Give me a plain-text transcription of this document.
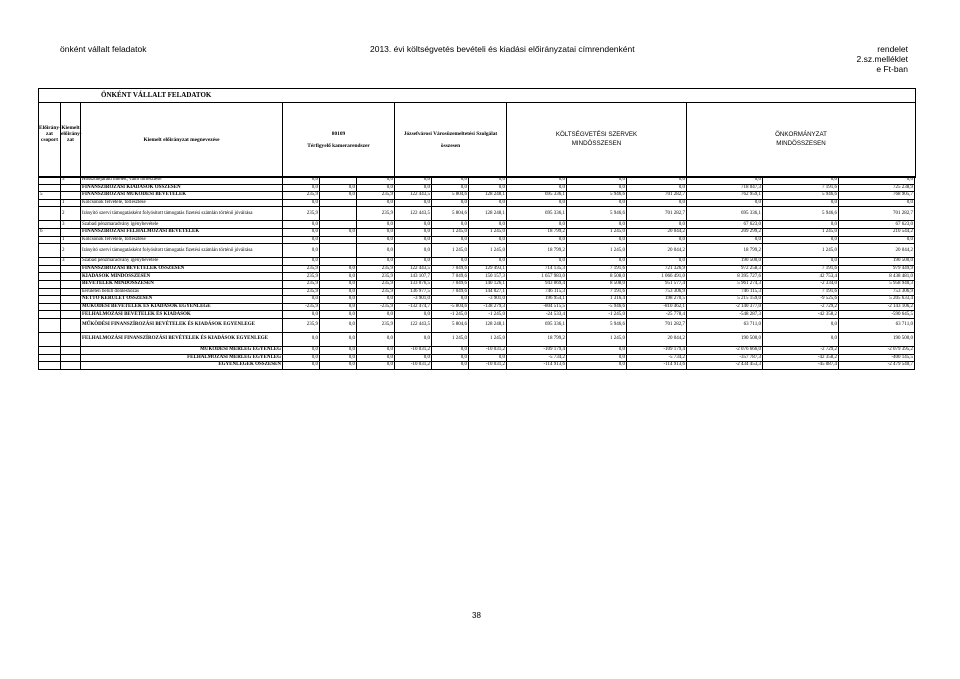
önként vállalt feladatok	2013. évi költségvetés bevételi és kiadási előirányzatai címrendenként	rendelet
2.sz.melléklet
e Ft-ban
ÖNKÉNT VÁLLALT FELADATOK
Előirány-zat csoport
Kiemelt előirány-zat	Kiemelt előirányzat megnevezése
80109
Térfigyelő kamerarendszer
Józsefvárosi Városüzemeltetési Szolgálat
összesen
KÖLTSÉGVETÉSI SZERVEK
MINDÖSSZESEN
ÖNKORMÁNYZAT
MINDÖSSZESEN
	3	Hosszúlejáratú hitelek, váltó törlesztése	0,0		0,0	0,0	0,0	0,0	0,0	0,0	0,0	0,0	0,0	0,0
		FINANSZÍROZÁSI KIADÁSOK ÖSSZESEN	0,0	0,0	0,0	0,0	0,0	0,0	0,0	0,0	0,0	718 047,3	7 191,6	725 238,9
5		FINANSZÍROZÁSI MŰKÖDÉSI BEVÉTELEK	235,9	0,0	235,9	122 443,5	5 804,6	128 248,1	695 336,1	5 946,6	701 282,7	762 959,1	5 946,6	768 905,7
	1	Kölcsönök felvétele, törlesztése	0,0		0,0	0,0	0,0	0,0	0,0	0,0	0,0	0,0	0,0	0,0
	2	Irányító szervi támogatásként folyósított támogatás fizetési számlán történő jóváírása	235,9		235,9	122 443,5	5 804,6	128 248,1	695 336,1	5 946,6	701 282,7	695 336,1	5 946,6	701 282,7
	3	Szabad pénzmaradvány igénybevétele	0,0		0,0	0,0	0,0	0,0	0,0	0,0	0,0	67 623,0	0,0	67 623,0
6		FINANSZÍROZÁSI FELHALMOZÁSI BEVÉTELEK	0,0	0,0	0,0	0,0	1 245,0	1 245,0	18 799,2	1 245,0	20 044,2	209 299,2	1 245,0	210 544,2
	1	Kölcsönök felvétele, törlesztése	0,0		0,0	0,0	0,0	0,0	0,0	0,0	0,0	0,0	0,0	0,0
	2	Irányító szervi támogatásként folyósított támogatás fizetési számlán történő jóváírása	0,0		0,0	0,0	1 245,0	1 245,0	18 799,2	1 245,0	20 044,2	18 799,2	1 245,0	20 044,2
	3	Szabad pénzmaradvány igénybevétele	0,0		0,0	0,0	0,0	0,0	0,0	0,0	0,0	190 500,0	0,0	190 500,0
		FINANSZÍROZÁSI BEVÉTELEK ÖSSZESEN	235,9	0,0	235,9	122 443,5	7 049,6	129 493,1	714 135,3	7 191,6	721 326,9	972 258,3	7 191,6	979 449,9
		KIADÁSOK MINDÖSSZESEN	235,9	0,0	235,9	143 107,7	7 049,6	150 157,3	1 657 983,0	8 508,0	1 066 491,0	8 395 727,6	42 753,4	8 438 481,0
		BEVÉTELEK MINDÖSSZESEN	235,9	0,0	235,9	133 076,5	7 049,6	140 126,1	943 069,4	8 508,0	951 577,4	5 961 274,3	-2 334,0	5 958 940,3
		kerületen belüli döntéshozás	235,9	0,0	235,9	136 977,5	7 049,6	144 027,1	746 115,3	7 191,6	753 306,9	746 115,3	7 191,6	753 306,9
		NETTÓ KERÜLET ÖSSZESEN	0,0	0,0	0,0	-3 901,0	0,0	-3 901,0	196 954,1	1 316,4	198 270,5	5 215 159,0	-9 525,6	5 205 633,4
		MŰKÖDÉSI BEVÉTELEK ÉS KIADÁSOK EGYENLEGE	-235,9	0,0	-235,9	-132 474,7	-5 804,6	-138 279,3	-804 515,5	-5 946,6	-810 462,1	-2 140 377,0	-2 729,2	-2 143 106,2
		FELHALMOZÁSI BEVÉTELEK ÉS KIADÁSOK	0,0	0,0	0,0	0,0	-1 245,0	-1 245,0	-24 533,4	-1 245,0	-25 778,4	-548 287,3	-42 358,2	-590 645,5
		MŰKÖDÉSI FINANSZÍROZÁSI BEVÉTELEK ÉS KIADÁSOK EGYENLEGE	235,9	0,0	235,9	122 443,5	5 804,6	128 248,1	695 336,1	5 946,6	701 282,7	63 711,0	0,0	63 711,0
		FELHALMOZÁSI FINANSZÍROZÁSI BEVÉTELEK ÉS KIADÁSOK EGYENLEGE	0,0	0,0	0,0	0,0	1 245,0	1 245,0	18 799,2	1 245,0	20 044,2	190 500,0	0,0	190 500,0
		MŰKÖDÉSI MÉRLEG EGYENLEG	0,0	0,0	0,0	-10 031,2	0,0	-10 031,2	-109 179,4	0,0	-109 179,4	-2 076 666,0	-2 729,2	-2 079 395,2
		FELHALMOZÁSI MÉRLEG EGYENLEG	0,0	0,0	0,0	0,0	0,0	0,0	-5 734,2	0,0	-5 734,2	-357 787,3	-42 358,2	-400 145,5
		EGYENLEGEK ÖSSZESEN	0,0	0,0	0,0	-10 031,2	0,0	-10 031,2	-114 913,6	0,0	-114 913,6	-2 434 453,3	-45 087,4	-2 479 540,7
38
